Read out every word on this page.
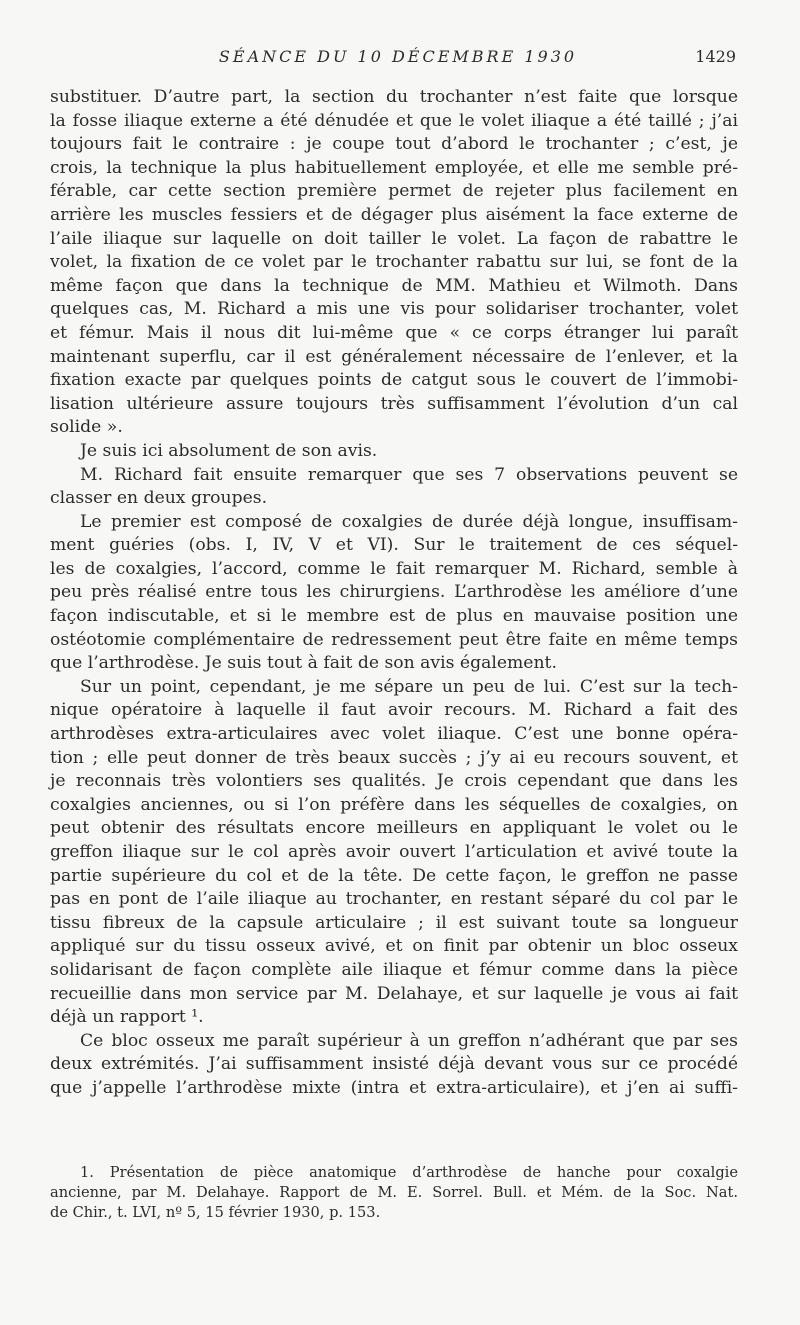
SÉANCE DU 10 DÉCEMBRE 1930	1429
substituer. D’autre part, la section du trochanter n’est faite que lorsque
la fosse iliaque externe a été dénudée et que le volet iliaque a été taillé ; j’ai
toujours fait le contraire : je coupe tout d’abord le trochanter ; c’est, je
crois, la technique la plus habituellement employée, et elle me semble pré-
férable, car cette section première permet de rejeter plus facilement en
arrière les muscles fessiers et de dégager plus aisément la face externe de
l’aile iliaque sur laquelle on doit tailler le volet. La façon de rabattre le
volet, la fixation de ce volet par le trochanter rabattu sur lui, se font de la
même façon que dans la technique de MM. Mathieu et Wilmoth. Dans
quelques cas, M. Richard a mis une vis pour solidariser trochanter, volet
et fémur. Mais il nous dit lui-même que « ce corps étranger lui paraît
maintenant superflu, car il est généralement nécessaire de l’enlever, et la
fixation exacte par quelques points de catgut sous le couvert de l’immobi-
lisation ultérieure assure toujours très suffisamment l’évolution d’un cal
solide ».
Je suis ici absolument de son avis.
M. Richard fait ensuite remarquer que ses 7 observations peuvent se
classer en deux groupes.
Le premier est composé de coxalgies de durée déjà longue, insuffisam-
ment guéries (obs. I, IV, V et VI). Sur le traitement de ces séquel-
les de coxalgies, l’accord, comme le fait remarquer M. Richard, semble à
peu près réalisé entre tous les chirurgiens. L’arthrodèse les améliore d’une
façon indiscutable, et si le membre est de plus en mauvaise position une
ostéotomie complémentaire de redressement peut être faite en même temps
que l’arthrodèse. Je suis tout à fait de son avis également.
Sur un point, cependant, je me sépare un peu de lui. C’est sur la tech-
nique opératoire à laquelle il faut avoir recours. M. Richard a fait des
arthrodèses extra-articulaires avec volet iliaque. C’est une bonne opéra-
tion ; elle peut donner de très beaux succès ; j’y ai eu recours souvent, et
je reconnais très volontiers ses qualités. Je crois cependant que dans les
coxalgies anciennes, ou si l’on préfère dans les séquelles de coxalgies, on
peut obtenir des résultats encore meilleurs en appliquant le volet ou le
greffon iliaque sur le col après avoir ouvert l’articulation et avivé toute la
partie supérieure du col et de la tête. De cette façon, le greffon ne passe
pas en pont de l’aile iliaque au trochanter, en restant séparé du col par le
tissu fibreux de la capsule articulaire ; il est suivant toute sa longueur
appliqué sur du tissu osseux avivé, et on finit par obtenir un bloc osseux
solidarisant de façon complète aile iliaque et fémur comme dans la pièce
recueillie dans mon service par M. Delahaye, et sur laquelle je vous ai fait
déjà un rapport ¹.
Ce bloc osseux me paraît supérieur à un greffon n’adhérant que par ses
deux extrémités. J’ai suffisamment insisté déjà devant vous sur ce procédé
que j’appelle l’arthrodèse mixte (intra et extra-articulaire), et j’en ai suffi-
1. Présentation de pièce anatomique d’arthrodèse de hanche pour coxalgie
ancienne, par M. Delahaye. Rapport de M. E. Sorrel. Bull. et Mém. de la Soc. Nat.
de Chir., t. LVI, nº 5, 15 février 1930, p. 153.
